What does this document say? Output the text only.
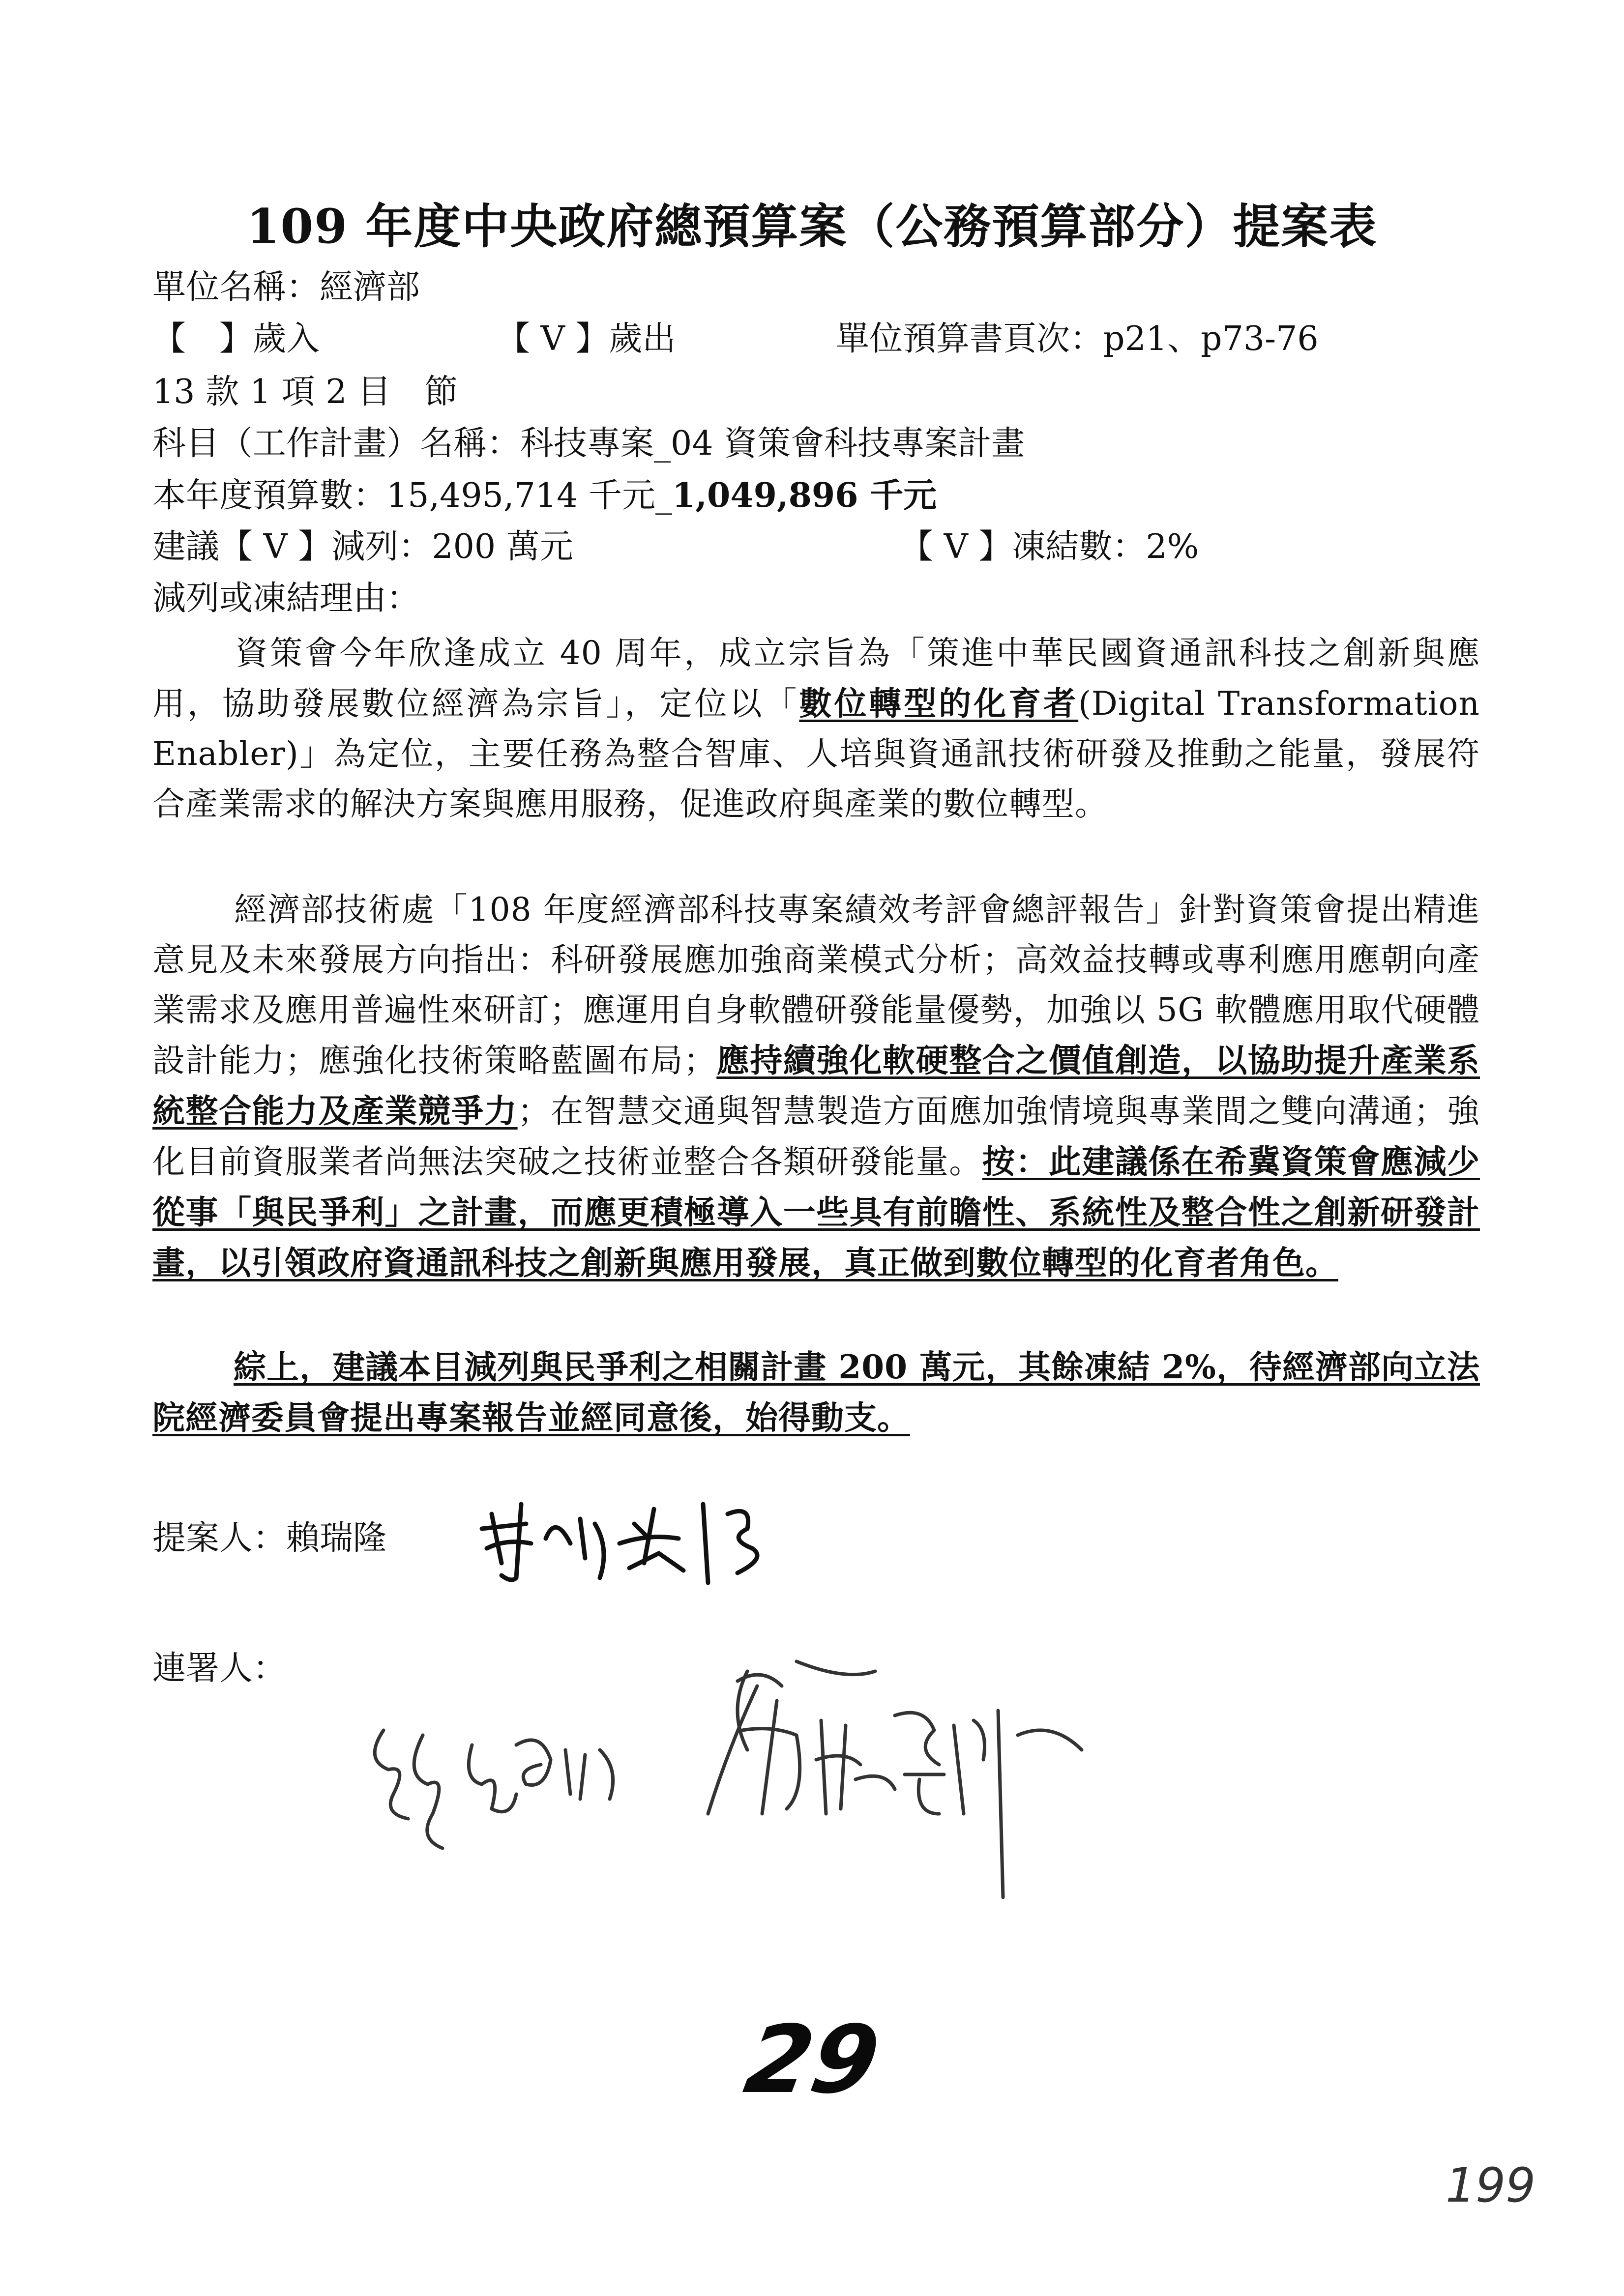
109 年度中央政府總預算案（公務預算部分）提案表
單位名稱：經濟部
【　】歲入	【 V 】歲出	單位預算書頁次：p21、p73-76
13 款 1 項 2 目　節
科目（工作計畫）名稱：科技專案_04 資策會科技專案計畫
本年度預算數：15,495,714 千元_1,049,896 千元
建議【 V 】減列：200 萬元	【 V 】凍結數：2%
減列或凍結理由：
資策會今年欣逢成立 40 周年，成立宗旨為「策進中華民國資通訊科技之創新與應用，協助發展數位經濟為宗旨」，定位以「數位轉型的化育者(Digital Transformation Enabler)」為定位，主要任務為整合智庫、人培與資通訊技術研發及推動之能量，發展符合產業需求的解決方案與應用服務，促進政府與產業的數位轉型。
經濟部技術處「108 年度經濟部科技專案績效考評會總評報告」針對資策會提出精進意見及未來發展方向指出：科研發展應加強商業模式分析；高效益技轉或專利應用應朝向產業需求及應用普遍性來研訂；應運用自身軟體研發能量優勢，加強以 5G 軟體應用取代硬體設計能力；應強化技術策略藍圖布局；應持續強化軟硬整合之價值創造，以協助提升產業系統整合能力及產業競爭力；在智慧交通與智慧製造方面應加強情境與專業間之雙向溝通；強化目前資服業者尚無法突破之技術並整合各類研發能量。按：此建議係在希冀資策會應減少從事「與民爭利」之計畫，而應更積極導入一些具有前瞻性、系統性及整合性之創新研發計畫，以引領政府資通訊科技之創新與應用發展，真正做到數位轉型的化育者角色。
綜上，建議本目減列與民爭利之相關計畫 200 萬元，其餘凍結 2%，待經濟部向立法院經濟委員會提出專案報告並經同意後，始得動支。
提案人：賴瑞隆
連署人：
29
199
